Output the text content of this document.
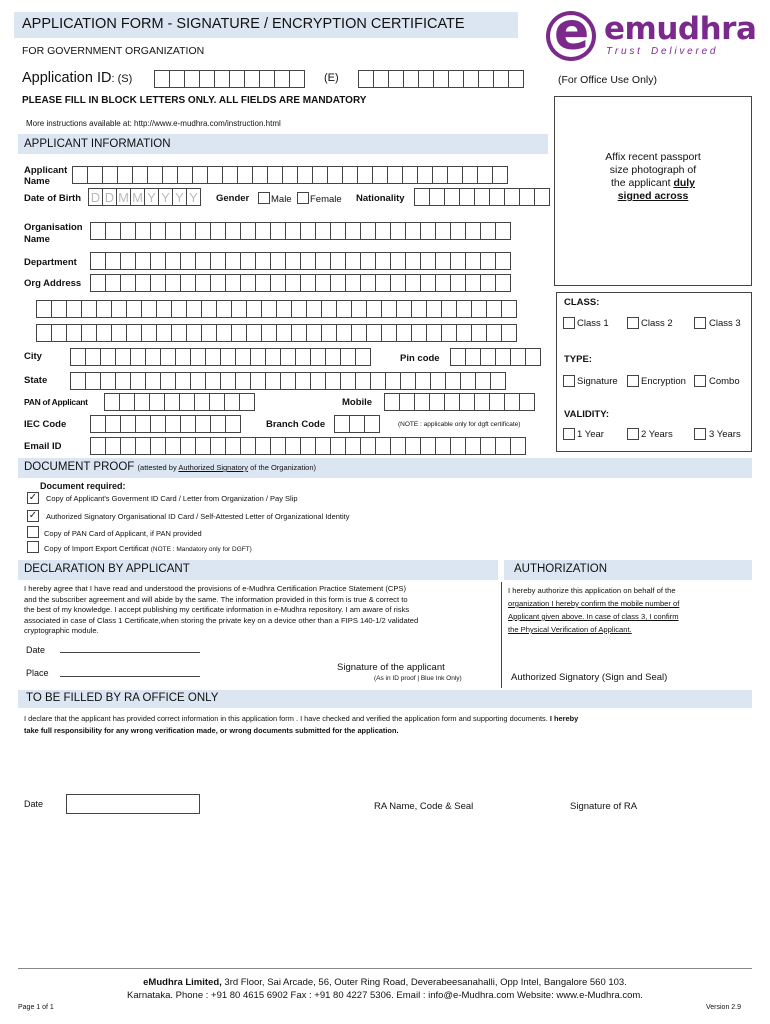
APPLICATION FORM - SIGNATURE / ENCRYPTION CERTIFICATE
FOR GOVERNMENT ORGANIZATION	e emudhra
T r u s t    D e l i v e r e d
Application ID: (S)	(E)	(For Office Use Only)
PLEASE FILL IN BLOCK LETTERS ONLY. ALL FIELDS ARE MANDATORY
More instructions available at: http://www.e-mudhra.com/instruction.html
Affix recent passport
size photograph of
the applicant duly
signed across
APPLICANT INFORMATION
Applicant
Name
Date of Birth D D M M Y Y Y Y	Gender Male Female Nationality
Organisation
Name
Department
Org Address
City	Pin code
State
PAN of Applicant	Mobile
IEC Code	Branch Code	(NOTE : applicable only for dgft certificate)
Email ID
CLASS:
Class 1	Class 2	Class 3
TYPE:
Signature Encryption Combo
VALIDITY:
1 Year	2 Years	3 Years
DOCUMENT PROOF (attested by Authorized Signatory of the Organization)
Document required:
✓ Copy of Applicant's Goverment ID Card / Letter from Organization / Pay Slip
✓ Authorized Signatory Organisational ID Card / Self-Attested Letter of Organizational Identity
Copy of PAN Card of Applicant, if PAN provided
Copy of Import Export Certificat (NOTE : Mandatory only for DGFT)
DECLARATION BY APPLICANT	AUTHORIZATION
I hereby agree that I have read and understood the provisions of e-Mudhra Certification Practice Statement (CPS)
and the subscriber agreement and will abide by the same. The information provided in this form is true & correct to
the best of my knowledge. I accept publishing my certificate information in e-Mudhra repository. I am aware of risks
associated in case of Class 1 Certificate,when storing the private key on a device other than a FIPS 140-1/2 validated
cryptographic module.
I hereby authorize this application on behalf of the
organization I hereby confirm the mobile number of
Applicant given above. In case of class 3, I confirm
the Physical Verification of Applicant.
Date
Place	Signature of the applicant
(As in ID proof | Blue Ink Only)	Authorized Signatory (Sign and Seal)
TO BE FILLED BY RA OFFICE ONLY
I declare that the applicant has provided correct information in this application form . I have checked and verified the application form and supporting documents. I hereby
take full responsibility for any wrong verification made, or wrong documents submitted for the application.
Date	RA Name, Code & Seal	Signature of RA
eMudhra Limited, 3rd Floor, Sai Arcade, 56, Outer Ring Road, Deverabeesanahalli, Opp Intel, Bangalore 560 103.
Karnataka. Phone : +91 80 4615 6902 Fax : +91 80 4227 5306. Email : info@e-Mudhra.com Website: www.e-Mudhra.com.
Page 1 of 1	Version 2.9
